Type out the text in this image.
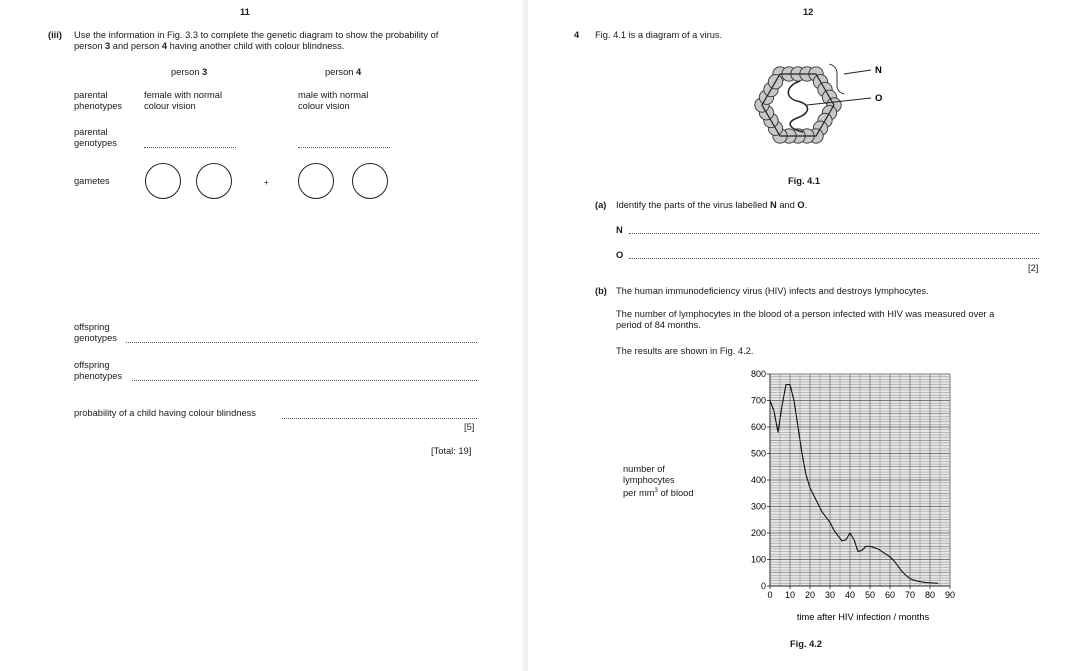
11
(iii) Use the information in Fig. 3.3 to complete the genetic diagram to show the probability of
person 3 and person 4 having another child with colour blindness.
person 3	person 4
parental
phenotypes
female with normal
colour vision
male with normal
colour vision
parental
genotypes
gametes	+
offspring
genotypes
offspring
phenotypes
probability of a child having colour blindness
[5]
[Total: 19]
12
4 Fig. 4.1 is a diagram of a virus.
N
O
Fig. 4.1
(a) Identify the parts of the virus labelled N and O.
N
O
[2]
(b) The human immunodeficiency virus (HIV) infects and destroys lymphocytes.
The number of lymphocytes in the blood of a person infected with HIV was measured over a
period of 84 months.
The results are shown in Fig. 4.2.
number of
lymphocytes
per $mm^3$ of blood
0 10 20 30 40 50 60 70 80 90
0
100
200
300
400
500
600
700
800
time after HIV infection / months
Fig. 4.2
